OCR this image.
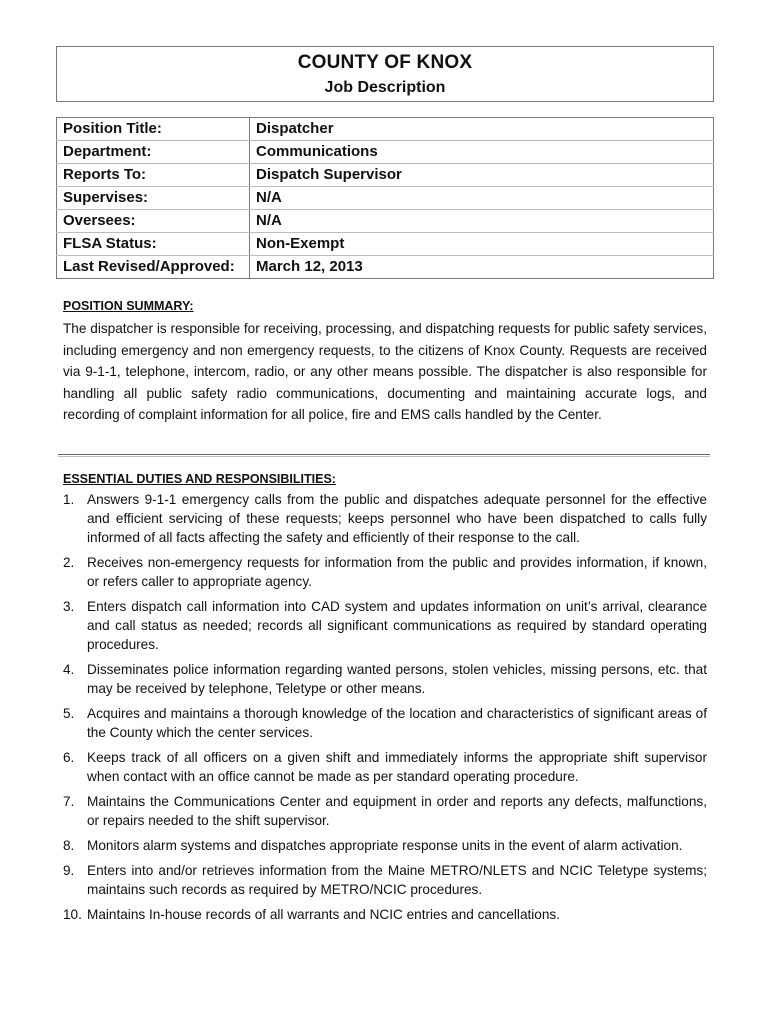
COUNTY OF KNOX
Job Description
Position Title:	Dispatcher
Department:	Communications
Reports To:	Dispatch Supervisor
Supervises:	N/A
Oversees:	N/A
FLSA Status:	Non-Exempt
Last Revised/Approved:	March 12, 2013
POSITION SUMMARY:
The dispatcher is responsible for receiving, processing, and dispatching requests for public safety services, including emergency and non emergency requests, to the citizens of Knox County. Requests are received via 9-1-1, telephone, intercom, radio, or any other means possible. The dispatcher is also responsible for handling all public safety radio communications, documenting and maintaining accurate logs, and recording of complaint information for all police, fire and EMS calls handled by the Center.
ESSENTIAL DUTIES AND RESPONSIBILITIES:
1. Answers 9-1-1 emergency calls from the public and dispatches adequate personnel for the effective and efficient servicing of these requests; keeps personnel who have been dispatched to calls fully informed of all facts affecting the safety and efficiently of their response to the call.
2. Receives non-emergency requests for information from the public and provides information, if known, or refers caller to appropriate agency.
3. Enters dispatch call information into CAD system and updates information on unit’s arrival, clearance and call status as needed; records all significant communications as required by standard operating procedures.
4. Disseminates police information regarding wanted persons, stolen vehicles, missing persons, etc. that may be received by telephone, Teletype or other means.
5. Acquires and maintains a thorough knowledge of the location and characteristics of significant areas of the County which the center services.
6. Keeps track of all officers on a given shift and immediately informs the appropriate shift supervisor when contact with an office cannot be made as per standard operating procedure.
7. Maintains the Communications Center and equipment in order and reports any defects, malfunctions, or repairs needed to the shift supervisor.
8. Monitors alarm systems and dispatches appropriate response units in the event of alarm activation.
9. Enters into and/or retrieves information from the Maine METRO/NLETS and NCIC Teletype systems; maintains such records as required by METRO/NCIC procedures.
10. Maintains In-house records of all warrants and NCIC entries and cancellations.
